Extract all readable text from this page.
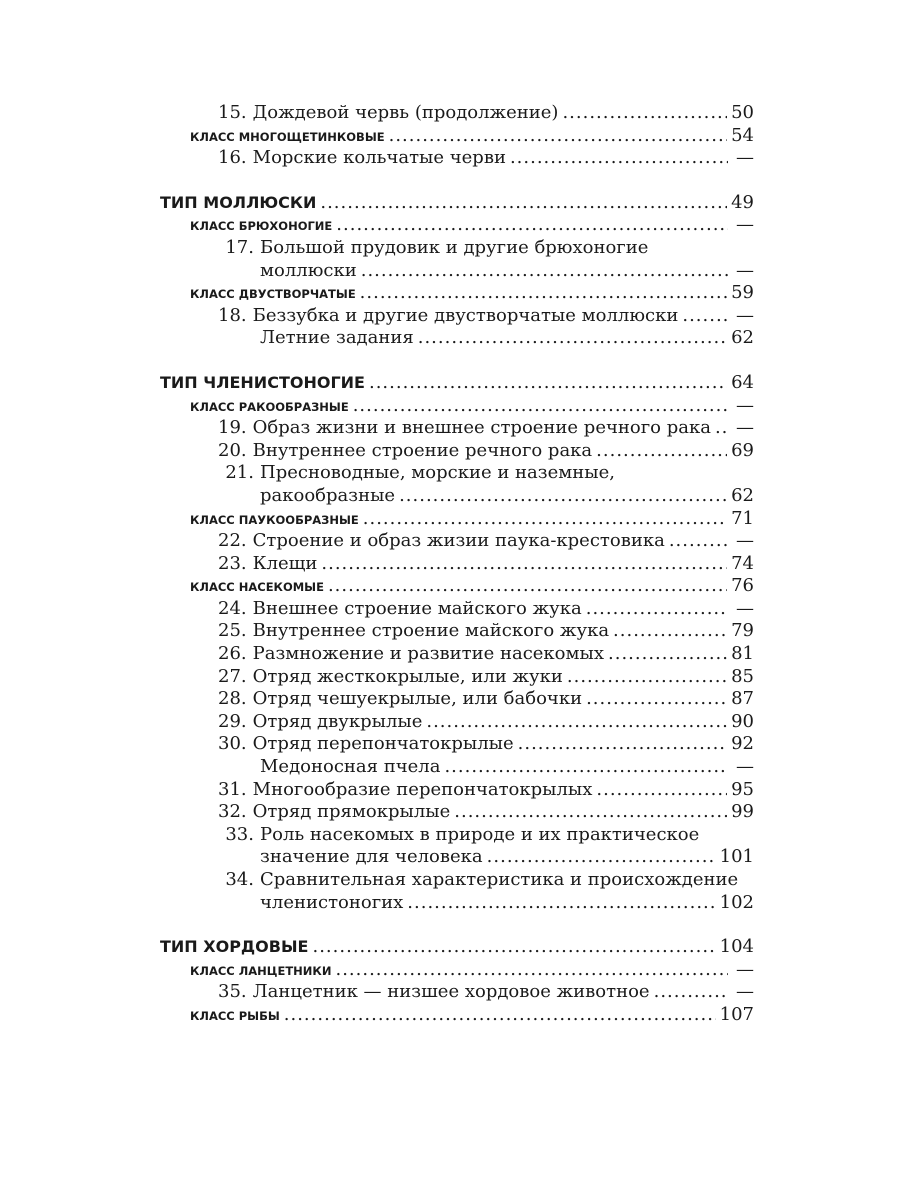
15. Дождевой червь (продолжение) .....	50
КЛАСС МНОГОЩЕТИНКОВЫЕ .....	54
16. Морские кольчатые черви .....	—
ТИП МОЛЛЮСКИ .....	49
КЛАСС БРЮХОНОГИЕ .....	—
17. Большой прудовик и другие брюхоногие
моллюски .....	—
КЛАСС ДВУСТВОРЧАТЫЕ .....	59
18. Беззубка и другие двустворчатые моллюски .....	—
Летние задания .....	62
ТИП ЧЛЕНИСТОНОГИЕ .....	64
КЛАСС РАКООБРАЗНЫЕ .....	—
19. Образ жизни и внешнее строение речного рака ..... —
20. Внутреннее строение речного рака .....	69
21. Пресноводные, морские и наземные,
ракообразные .....	62
КЛАСС ПАУКООБРАЗНЫЕ .....	71
22. Строение и образ жизии паука-крестовика .....	—
23. Клещи .....	74
КЛАСС НАСЕКОМЫЕ .....	76
24. Внешнее строение майского жука .....	—
25. Внутреннее строение майского жука .....	79
26. Размножение и развитие насекомых .....	81
27. Отряд жесткокрылые, или жуки .....	85
28. Отряд чешуекрылые, или бабочки .....	87
29. Отряд двукрылые .....	90
30. Отряд перепончатокрылые .....	92
Медоносная пчела .....	—
31. Многообразие перепончатокрылых .....	95
32. Отряд прямокрылые .....	99
33. Роль насекомых в природе и их практическое
значение для человека .....	101
34. Сравнительная характеристика и происхождение
членистоногих .....	102
ТИП ХОРДОВЫЕ .....	104
КЛАСС ЛАНЦЕТНИКИ .....	—
35. Ланцетник — низшее хордовое животное .....	—
КЛАСС РЫБЫ .....	107
